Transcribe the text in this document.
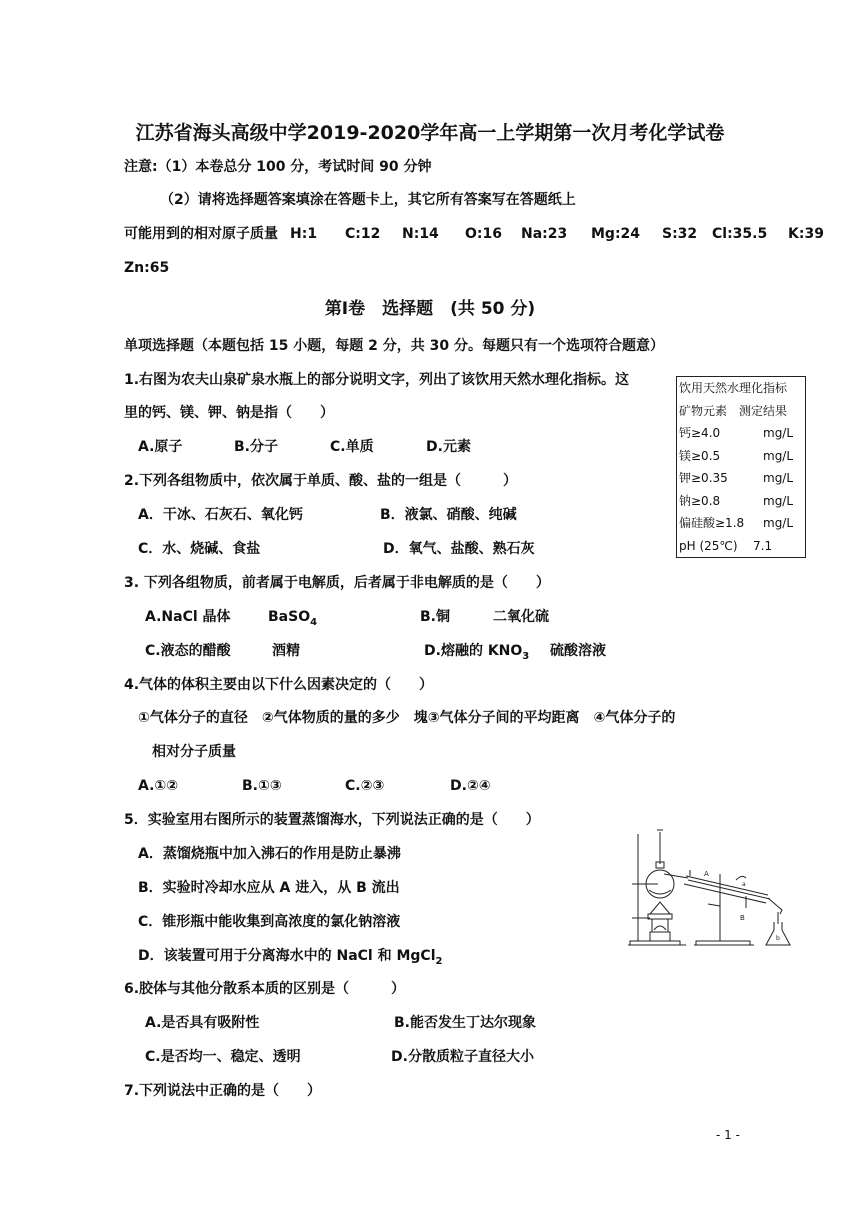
江苏省海头高级中学2019-2020学年高一上学期第一次月考化学试卷
注意:（1）本卷总分 100 分，考试时间 90 分钟
（2）请将选择题答案填涂在答题卡上，其它所有答案写在答题纸上
可能用到的相对原子质量 H:1 C:12 N:14 O:16 Na:23 Mg:24 S:32 Cl:35.5 K:39
Zn:65
第Ⅰ卷　选择题　(共 50 分)
单项选择题（本题包括 15 小题，每题 2 分，共 30 分。每题只有一个选项符合题意）
1.右图为农夫山泉矿泉水瓶上的部分说明文字，列出了该饮用天然水理化指标。这
里的钙、镁、钾、钠是指（　　）
A.原子	B.分子	C.单质	D.元素
饮用天然水理化指标
矿物元素　测定结果
钙≥4.0	mg/L
镁≥0.5	mg/L
钾≥0.35	mg/L
钠≥0.8	mg/L
偏硅酸≥1.8 mg/L
pH (25℃) 7.1
2.下列各组物质中，依次属于单质、酸、盐的一组是（　　　）
A．干冰、石灰石、氧化钙	B．液氯、硝酸、纯碱
C．水、烧碱、食盐	D．氧气、盐酸、熟石灰
3. 下列各组物质，前者属于电解质，后者属于非电解质的是（　　）
A.NaCl 晶体	BaSO$_4$	B.铜	二氧化硫
C.液态的醋酸	酒精	D.熔融的 $KNO_3$ 硫酸溶液
4.气体的体积主要由以下什么因素决定的（　　）
①气体分子的直径　②气体物质的量的多少　塊③气体分子间的平均距离　④气体分子的
相对分子质量
A.①②	B.①③	C.②③	D.②④
5．实验室用右图所示的装置蒸馏海水，下列说法正确的是（　　）
A．蒸馏烧瓶中加入沸石的作用是防止暴沸
B．实验时冷却水应从 A 进入，从 B 流出
C．锥形瓶中能收集到高浓度的氯化钠溶液
D．该装置可用于分离海水中的 NaCl 和 MgCl$_2$
A
B
a
b
6.胶体与其他分散系本质的区别是（　　　）
A.是否具有吸附性	B.能否发生丁达尔现象
C.是否均一、稳定、透明	D.分散质粒子直径大小
7.下列说法中正确的是（　　）
- 1 -
